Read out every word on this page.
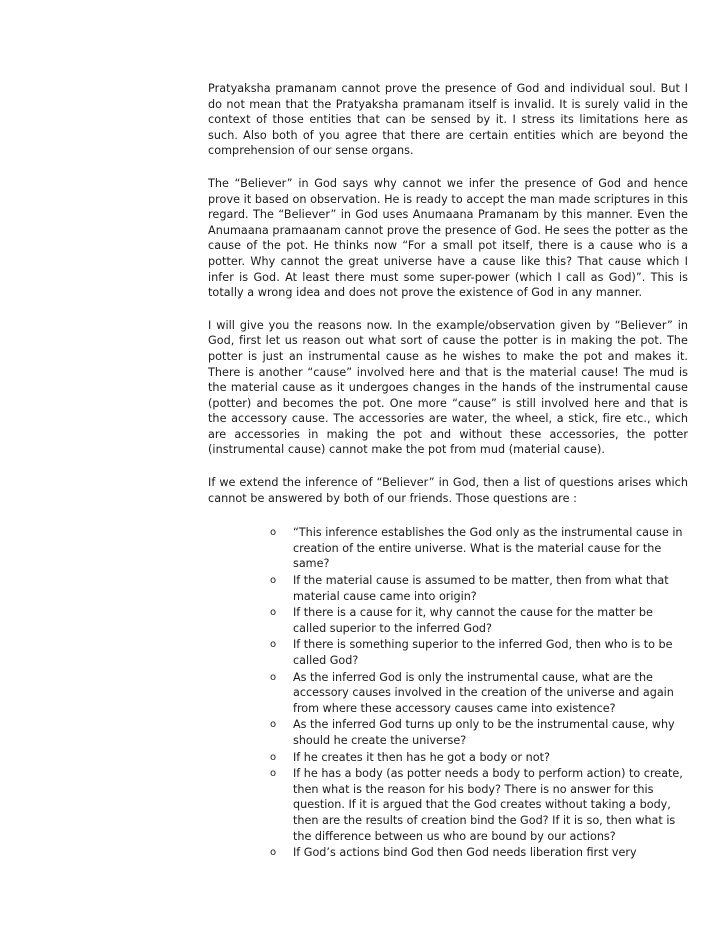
Pratyaksha pramanam cannot prove the presence of God and individual soul. But I do not mean that the Pratyaksha pramanam itself is invalid. It is surely valid in the context of those entities that can be sensed by it. I stress its limitations here as such. Also both of you agree that there are certain entities which are beyond the comprehension of our sense organs.

The “Believer” in God says why cannot we infer the presence of God and hence prove it based on observation. He is ready to accept the man made scriptures in this regard. The “Believer” in God uses Anumaana Pramanam by this manner. Even the Anumaana pramaanam cannot prove the presence of God. He sees the potter as the cause of the pot. He thinks now “For a small pot itself, there is a cause who is a potter. Why cannot the great universe have a cause like this? That cause which I infer is God. At least there must some super-power (which I call as God)”. This is totally a wrong idea and does not prove the existence of God in any manner.

I will give you the reasons now. In the example/observation given by “Believer” in God, first let us reason out what sort of cause the potter is in making the pot. The potter is just an instrumental cause as he wishes to make the pot and makes it. There is another “cause” involved here and that is the material cause! The mud is the material cause as it undergoes changes in the hands of the instrumental cause (potter) and becomes the pot. One more “cause” is still involved here and that is the accessory cause. The accessories are water, the wheel, a stick, fire etc., which are accessories in making the pot and without these accessories, the potter (instrumental cause) cannot make the pot from mud (material cause).

If we extend the inference of “Believer” in God, then a list of questions arises which cannot be answered by both of our friends. Those questions are :

o “This inference establishes the God only as the instrumental cause in creation of the entire universe. What is the material cause for the same?
o If the material cause is assumed to be matter, then from what that material cause came into origin?
o If there is a cause for it, why cannot the cause for the matter be called superior to the inferred God?
o If there is something superior to the inferred God, then who is to be called God?
o As the inferred God is only the instrumental cause, what are the accessory causes involved in the creation of the universe and again from where these accessory causes came into existence?
o As the inferred God turns up only to be the instrumental cause, why should he create the universe?
o If he creates it then has he got a body or not?
o If he has a body (as potter needs a body to perform action) to create, then what is the reason for his body? There is no answer for this question. If it is argued that the God creates without taking a body, then are the results of creation bind the God? If it is so, then what is the difference between us who are bound by our actions?
o If God’s actions bind God then God needs liberation first very
